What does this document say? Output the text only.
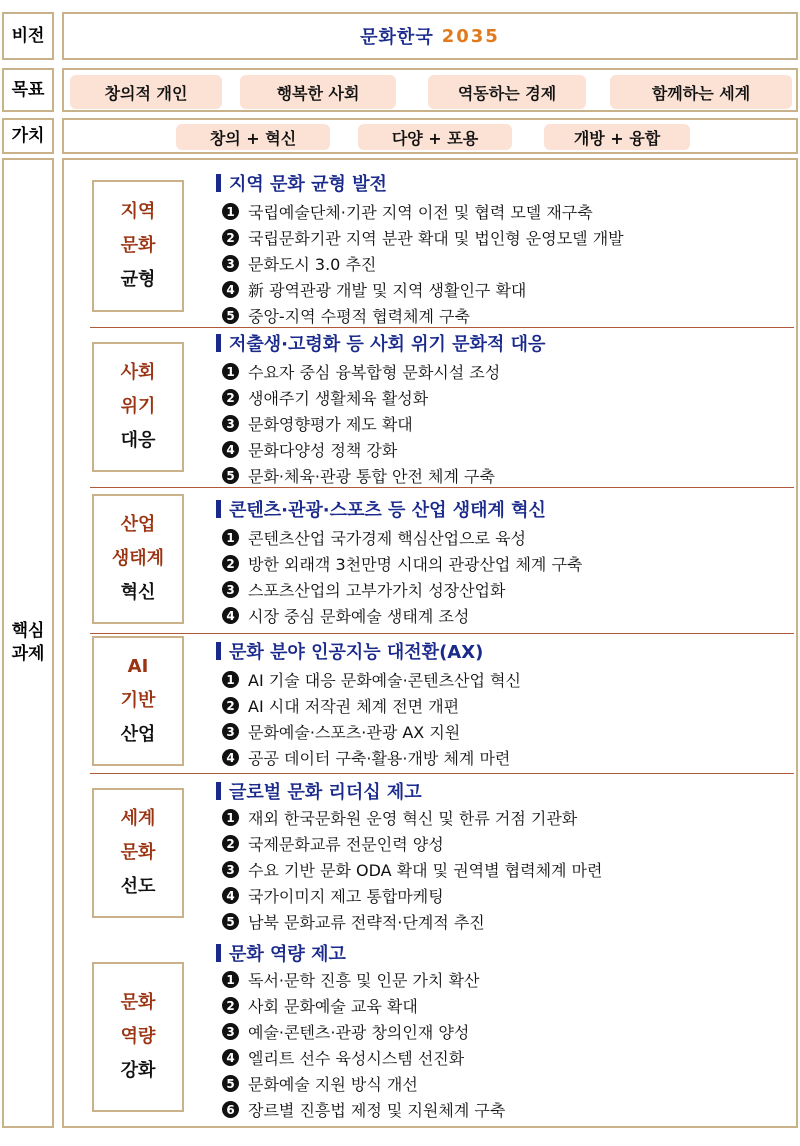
비전	문화한국 2035
목표	창의적 개인	행복한 사회	역동하는 경제	함께하는 세계
가치	창의 + 혁신	다양 + 포용	개방 + 융합
핵심
과제
지역
문화
균형
지역 문화 균형 발전
1 국립예술단체·기관 지역 이전 및 협력 모델 재구축
2 국립문화기관 지역 분관 확대 및 법인형 운영모델 개발
3 문화도시 3.0 추진
4 新 광역관광 개발 및 지역 생활인구 확대
5 중앙-지역 수평적 협력체계 구축
사회
위기
대응
저출생·고령화 등 사회 위기 문화적 대응
1 수요자 중심 융복합형 문화시설 조성
2 생애주기 생활체육 활성화
3 문화영향평가 제도 확대
4 문화다양성 정책 강화
5 문화·체육·관광 통합 안전 체계 구축
산업
생태계
혁신
콘텐츠·관광·스포츠 등 산업 생태계 혁신
1 콘텐츠산업 국가경제 핵심산업으로 육성
2 방한 외래객 3천만명 시대의 관광산업 체계 구축
3 스포츠산업의 고부가가치 성장산업화
4 시장 중심 문화예술 생태계 조성
AI
기반
산업
문화 분야 인공지능 대전환(AX)
1 AI 기술 대응 문화예술·콘텐츠산업 혁신
2 AI 시대 저작권 체계 전면 개편
3 문화예술·스포츠·관광 AX 지원
4 공공 데이터 구축·활용·개방 체계 마련
세계
문화
선도
글로벌 문화 리더십 제고
1 재외 한국문화원 운영 혁신 및 한류 거점 기관화
2 국제문화교류 전문인력 양성
3 수요 기반 문화 ODA 확대 및 권역별 협력체계 마련
4 국가이미지 제고 통합마케팅
5 남북 문화교류 전략적·단계적 추진
문화
역량
강화
문화 역량 제고
1 독서·문학 진흥 및 인문 가치 확산
2 사회 문화예술 교육 확대
3 예술·콘텐츠·관광 창의인재 양성
4 엘리트 선수 육성시스템 선진화
5 문화예술 지원 방식 개선
6 장르별 진흥법 제정 및 지원체계 구축
